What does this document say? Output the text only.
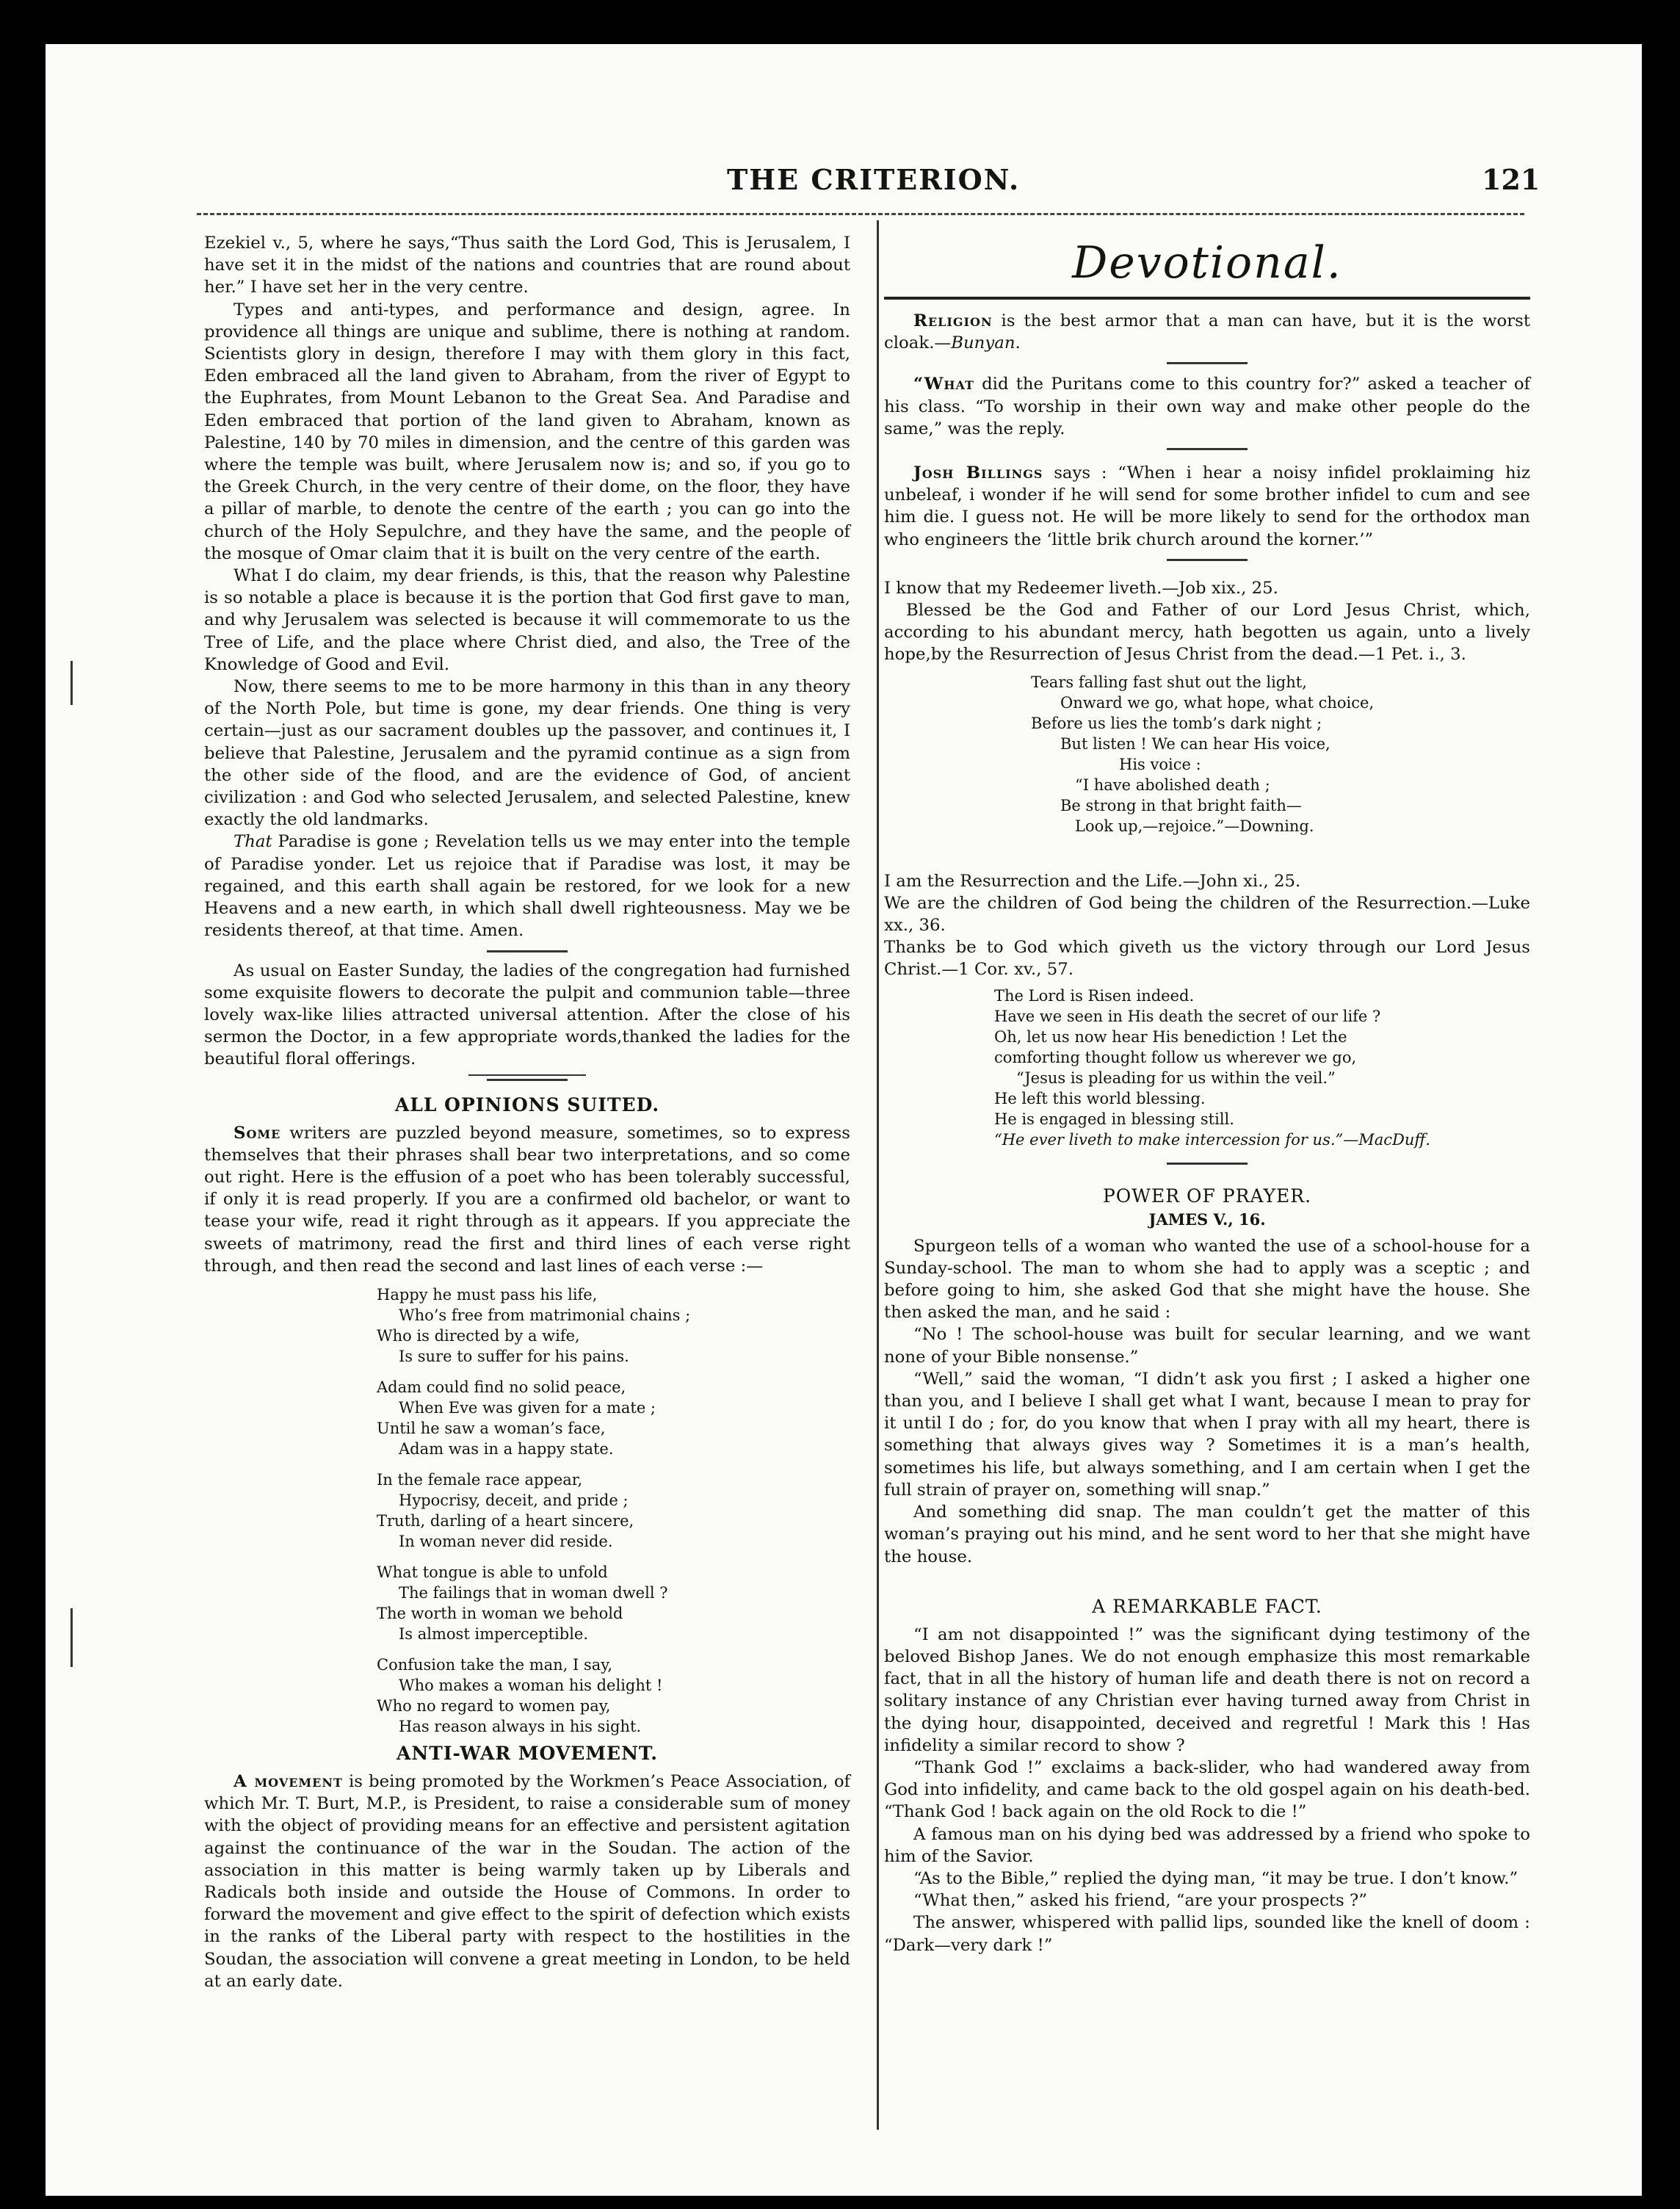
THE CRITERION.	121

Ezekiel v., 5, where he says,“Thus saith the Lord God, This is Jerusalem, I have set it in the midst of the nations and countries that are round about her.” I have set her in the very centre.

Types and anti-types, and performance and design, agree. In providence all things are unique and sublime, there is nothing at random. Scientists glory in design, therefore I may with them glory in this fact, Eden embraced all the land given to Abraham, from the river of Egypt to the Euphrates, from Mount Lebanon to the Great Sea. And Paradise and Eden embraced that portion of the land given to Abraham, known as Palestine, 140 by 70 miles in dimension, and the centre of this garden was where the temple was built, where Jerusalem now is; and so, if you go to the Greek Church, in the very centre of their dome, on the floor, they have a pillar of marble, to denote the centre of the earth ; you can go into the church of the Holy Sepulchre, and they have the same, and the people of the mosque of Omar claim that it is built on the very centre of the earth.

What I do claim, my dear friends, is this, that the reason why Palestine is so notable a place is because it is the portion that God first gave to man, and why Jerusalem was selected is because it will commemorate to us the Tree of Life, and the place where Christ died, and also, the Tree of the Knowledge of Good and Evil.

Now, there seems to me to be more harmony in this than in any theory of the North Pole, but time is gone, my dear friends. One thing is very certain—just as our sacrament doubles up the passover, and continues it, I believe that Palestine, Jerusalem and the pyramid continue as a sign from the other side of the flood, and are the evidence of God, of ancient civilization : and God who selected Jerusalem, and selected Palestine, knew exactly the old landmarks.

That Paradise is gone ; Revelation tells us we may enter into the temple of Paradise yonder. Let us rejoice that if Paradise was lost, it may be regained, and this earth shall again be restored, for we look for a new Heavens and a new earth, in which shall dwell righteousness. May we be residents thereof, at that time. Amen.

As usual on Easter Sunday, the ladies of the congregation had furnished some exquisite flowers to decorate the pulpit and communion table—three lovely wax-like lilies attracted universal attention. After the close of his sermon the Doctor, in a few appropriate words,thanked the ladies for the beautiful floral offerings.

ALL OPINIONS SUITED.

Some writers are puzzled beyond measure, sometimes, so to express themselves that their phrases shall bear two interpretations, and so come out right. Here is the effusion of a poet who has been tolerably successful, if only it is read properly. If you are a confirmed old bachelor, or want to tease your wife, read it right through as it appears. If you appreciate the sweets of matrimony, read the first and third lines of each verse right through, and then read the second and last lines of each verse :—

Happy he must pass his life,
Who’s free from matrimonial chains ;
Who is directed by a wife,
Is sure to suffer for his pains.
Adam could find no solid peace,
When Eve was given for a mate ;
Until he saw a woman’s face,
Adam was in a happy state.
In the female race appear,
Hypocrisy, deceit, and pride ;
Truth, darling of a heart sincere,
In woman never did reside.
What tongue is able to unfold
The failings that in woman dwell ?
The worth in woman we behold
Is almost imperceptible.
Confusion take the man, I say,
Who makes a woman his delight !
Who no regard to women pay,
Has reason always in his sight.
ANTI-WAR MOVEMENT.

A movement is being promoted by the Workmen’s Peace Association, of which Mr. T. Burt, M.P., is President, to raise a considerable sum of money with the object of providing means for an effective and persistent agitation against the continuance of the war in the Soudan. The action of the association in this matter is being warmly taken up by Liberals and Radicals both inside and outside the House of Commons. In order to forward the movement and give effect to the spirit of defection which exists in the ranks of the Liberal party with respect to the hostilities in the Soudan, the association will convene a great meeting in London, to be held at an early date.

Devotional.

Religion is the best armor that a man can have, but it is the worst cloak.—Bunyan.

“What did the Puritans come to this country for?” asked a teacher of his class. “To worship in their own way and make other people do the same,” was the reply.

Josh Billings says : “When i hear a noisy infidel proklaiming hiz unbeleaf, i wonder if he will send for some brother infidel to cum and see him die. I guess not. He will be more likely to send for the orthodox man who engineers the ‘little brik church around the korner.’”

I know that my Redeemer liveth.—Job xix., 25.

Blessed be the God and Father of our Lord Jesus Christ, which, according to his abundant mercy, hath begotten us again, unto a lively hope,by the Resurrection of Jesus Christ from the dead.—1 Pet. i., 3.

Tears falling fast shut out the light,
Onward we go, what hope, what choice,
Before us lies the tomb’s dark night ;
But listen ! We can hear His voice,
His voice :
“I have abolished death ;
Be strong in that bright faith—
Look up,—rejoice.”—Downing.

I am the Resurrection and the Life.—John xi., 25.

We are the children of God being the children of the Resurrection.—Luke xx., 36.

Thanks be to God which giveth us the victory through our Lord Jesus Christ.—1 Cor. xv., 57.

The Lord is Risen indeed.
Have we seen in His death the secret of our life ?
Oh, let us now hear His benediction ! Let the
comforting thought follow us wherever we go,
“Jesus is pleading for us within the veil.”
He left this world blessing.
He is engaged in blessing still.
“He ever liveth to make intercession for us.”—MacDuff.
POWER OF PRAYER.
JAMES V., 16.

Spurgeon tells of a woman who wanted the use of a school-house for a Sunday-school. The man to whom she had to apply was a sceptic ; and before going to him, she asked God that she might have the house. She then asked the man, and he said :

“No ! The school-house was built for secular learning, and we want none of your Bible nonsense.”

“Well,” said the woman, “I didn’t ask you first ; I asked a higher one than you, and I believe I shall get what I want, because I mean to pray for it until I do ; for, do you know that when I pray with all my heart, there is something that always gives way ? Sometimes it is a man’s health, sometimes his life, but always something, and I am certain when I get the full strain of prayer on, something will snap.”

And something did snap. The man couldn’t get the matter of this woman’s praying out his mind, and he sent word to her that she might have the house.

A REMARKABLE FACT.

“I am not disappointed !” was the significant dying testimony of the beloved Bishop Janes. We do not enough emphasize this most remarkable fact, that in all the history of human life and death there is not on record a solitary instance of any Christian ever having turned away from Christ in the dying hour, disappointed, deceived and regretful ! Mark this ! Has infidelity a similar record to show ?

“Thank God !” exclaims a back-slider, who had wandered away from God into infidelity, and came back to the old gospel again on his death-bed. “Thank God ! back again on the old Rock to die !”

A famous man on his dying bed was addressed by a friend who spoke to him of the Savior.

“As to the Bible,” replied the dying man, “it may be true. I don’t know.”

“What then,” asked his friend, “are your prospects ?”

The answer, whispered with pallid lips, sounded like the knell of doom : “Dark—very dark !”
